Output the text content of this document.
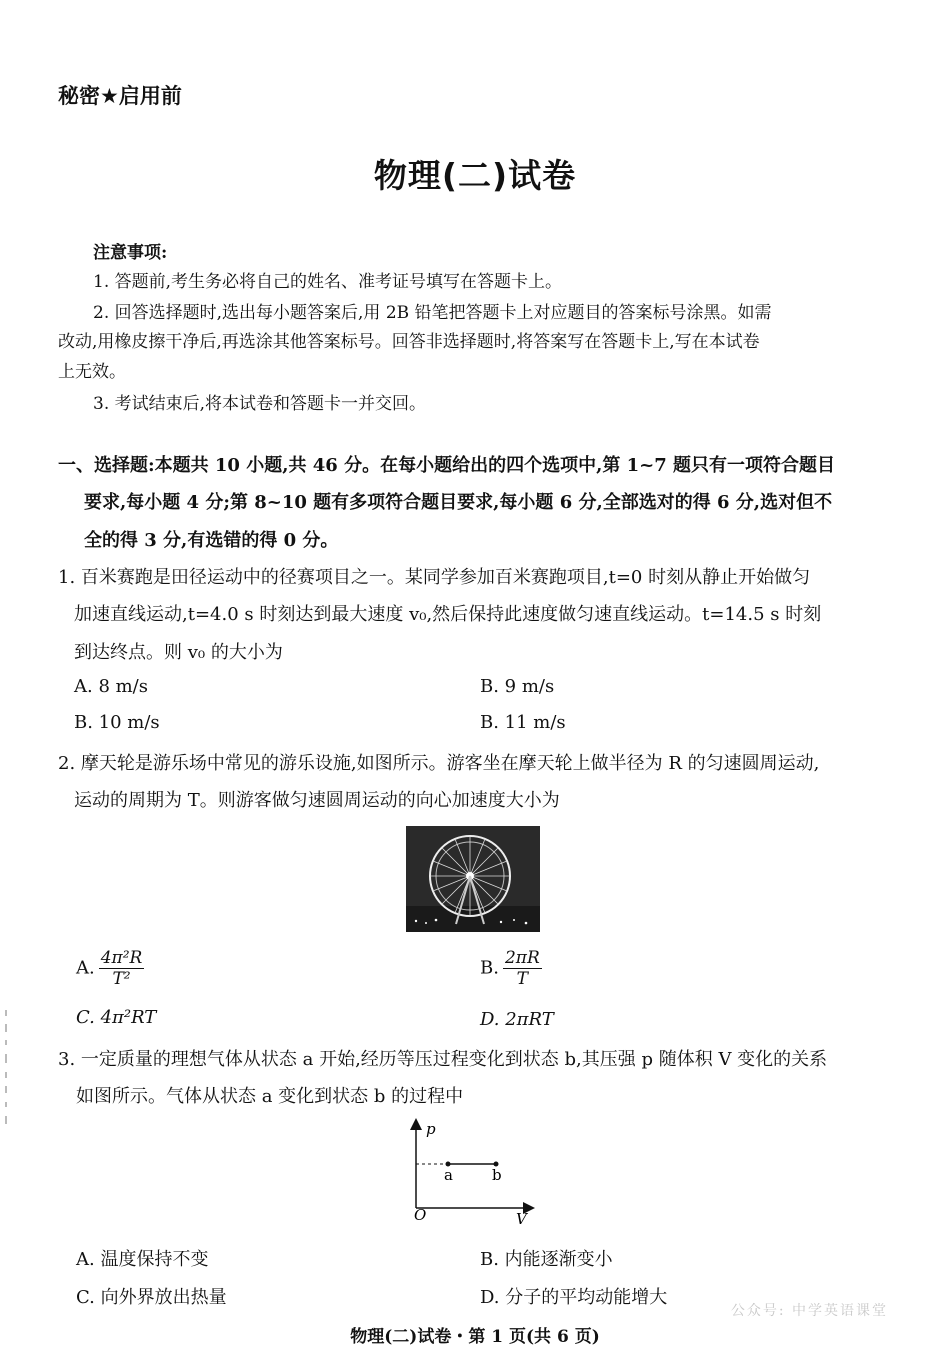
秘密★启用前
物理(二)试卷
注意事项:
1. 答题前,考生务必将自己的姓名、准考证号填写在答题卡上。
2. 回答选择题时,选出每小题答案后,用 2B 铅笔把答题卡上对应题目的答案标号涂黑。如需
改动,用橡皮擦干净后,再选涂其他答案标号。回答非选择题时,将答案写在答题卡上,写在本试卷
上无效。
3. 考试结束后,将本试卷和答题卡一并交回。
一、选择题:本题共 10 小题,共 46 分。在每小题给出的四个选项中,第 1~7 题只有一项符合题目
要求,每小题 4 分;第 8~10 题有多项符合题目要求,每小题 6 分,全部选对的得 6 分,选对但不
全的得 3 分,有选错的得 0 分。
1. 百米赛跑是田径运动中的径赛项目之一。某同学参加百米赛跑项目,t=0 时刻从静止开始做匀
加速直线运动,t=4.0 s 时刻达到最大速度 v₀,然后保持此速度做匀速直线运动。t=14.5 s 时刻
到达终点。则 v₀ 的大小为
A. 8 m/s	B. 9 m/s
B. 10 m/s	B. 11 m/s
2. 摩天轮是游乐场中常见的游乐设施,如图所示。游客坐在摩天轮上做半径为 R 的匀速圆周运动,
运动的周期为 T。则游客做匀速圆周运动的向心加速度大小为
A. $\frac{\text{4π²R}}{\text{T²}}$	B. $\frac{2\pi R}{T}$
C. 4π²RT	D. 2πRT
3. 一定质量的理想气体从状态 a 开始,经历等压过程变化到状态 b,其压强 p 随体积 V 变化的关系
如图所示。气体从状态 a 变化到状态 b 的过程中
p
V
O
a	b
A. 温度保持不变	B. 内能逐渐变小
C. 向外界放出热量	D. 分子的平均动能增大
公众号: 中学英语课堂
物理(二)试卷・第 1 页(共 6 页)
